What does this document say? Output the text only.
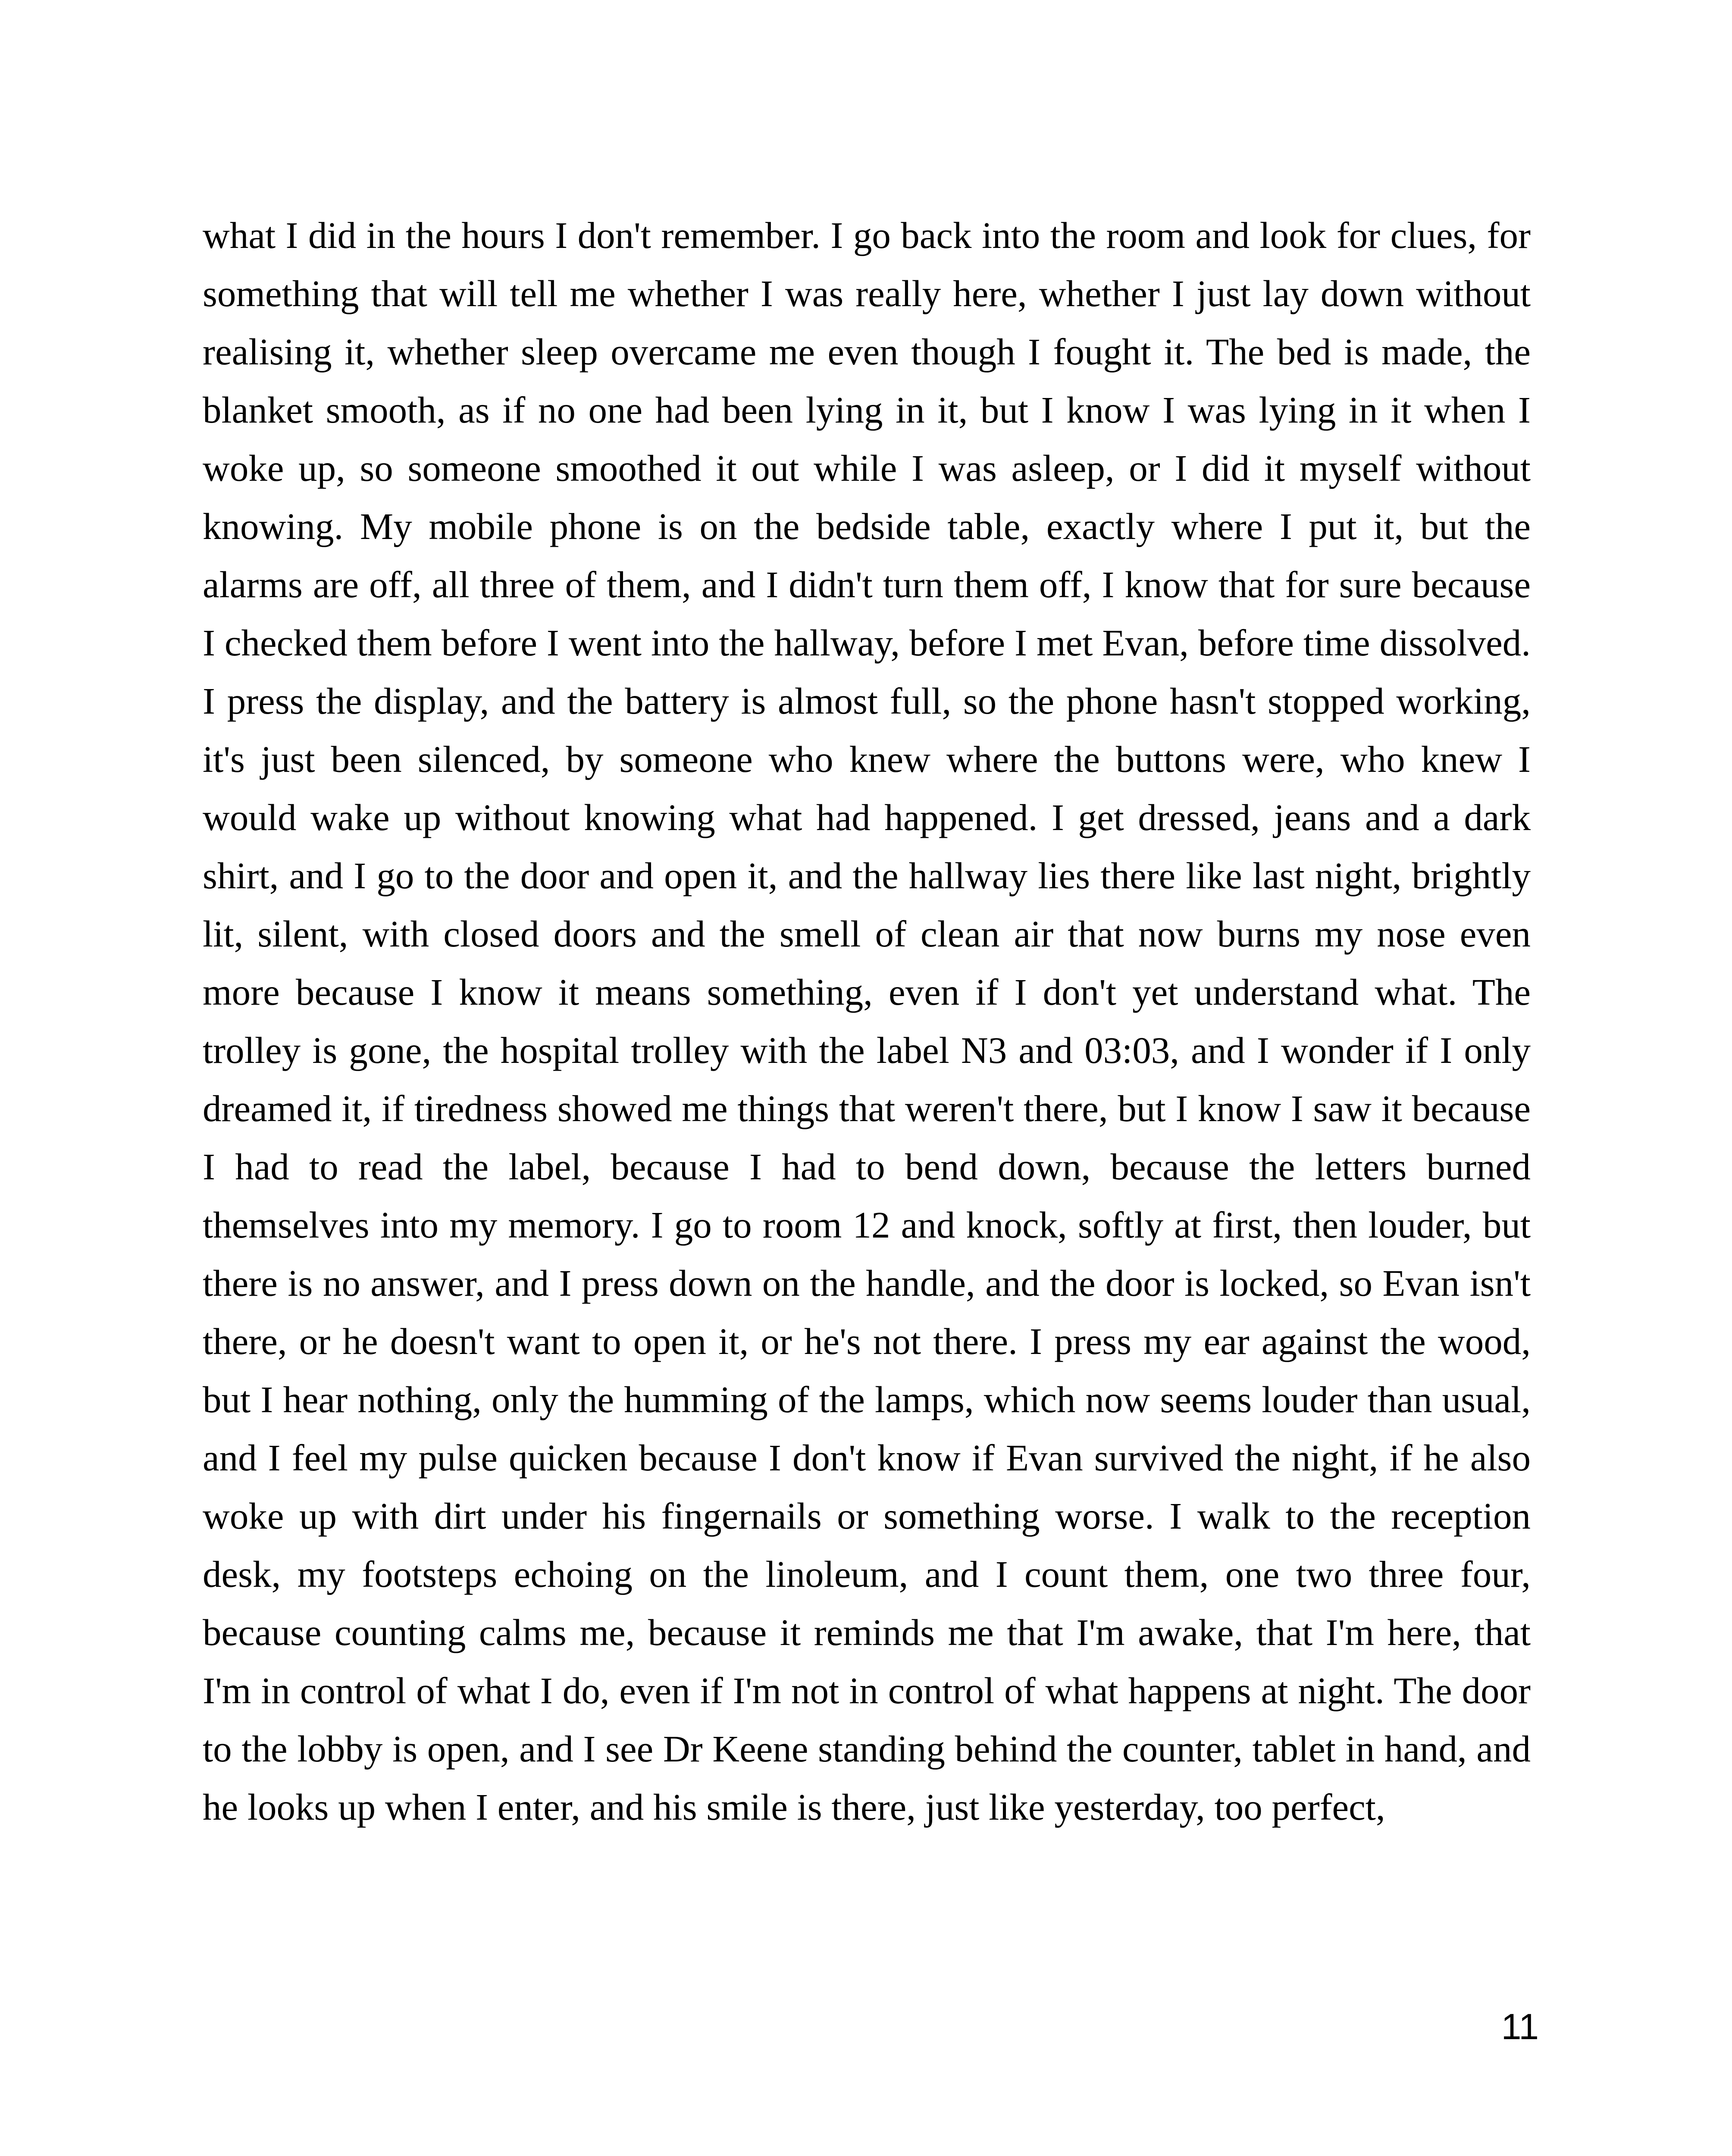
what I did in the hours I don't remember. I go back into the room and look for clues, for something that will tell me whether I was really here, whether I just lay down without realising it, whether sleep overcame me even though I fought it. The bed is made, the blanket smooth, as if no one had been lying in it, but I know I was lying in it when I woke up, so someone smoothed it out while I was asleep, or I did it myself without knowing. My mobile phone is on the bedside table, exactly where I put it, but the alarms are off, all three of them, and I didn't turn them off, I know that for sure because I checked them before I went into the hallway, before I met Evan, before time dissolved. I press the display, and the battery is almost full, so the phone hasn't stopped working, it's just been silenced, by someone who knew where the buttons were, who knew I would wake up without knowing what had happened. I get dressed, jeans and a dark shirt, and I go to the door and open it, and the hallway lies there like last night, brightly lit, silent, with closed doors and the smell of clean air that now burns my nose even more because I know it means something, even if I don't yet understand what. The trolley is gone, the hospital trolley with the label N3 and 03:03, and I wonder if I only dreamed it, if tiredness showed me things that weren't there, but I know I saw it because I had to read the label, because I had to bend down, because the letters burned themselves into my memory. I go to room 12 and knock, softly at first, then louder, but there is no answer, and I press down on the handle, and the door is locked, so Evan isn't there, or he doesn't want to open it, or he's not there. I press my ear against the wood, but I hear nothing, only the humming of the lamps, which now seems louder than usual, and I feel my pulse quicken because I don't know if Evan survived the night, if he also woke up with dirt under his fingernails or something worse. I walk to the reception desk, my footsteps echoing on the linoleum, and I count them, one two three four, because counting calms me, because it reminds me that I'm awake, that I'm here, that I'm in control of what I do, even if I'm not in control of what happens at night. The door to the lobby is open, and I see Dr Keene standing behind the counter, tablet in hand, and he looks up when I enter, and his smile is there, just like yesterday, too perfect,

11
